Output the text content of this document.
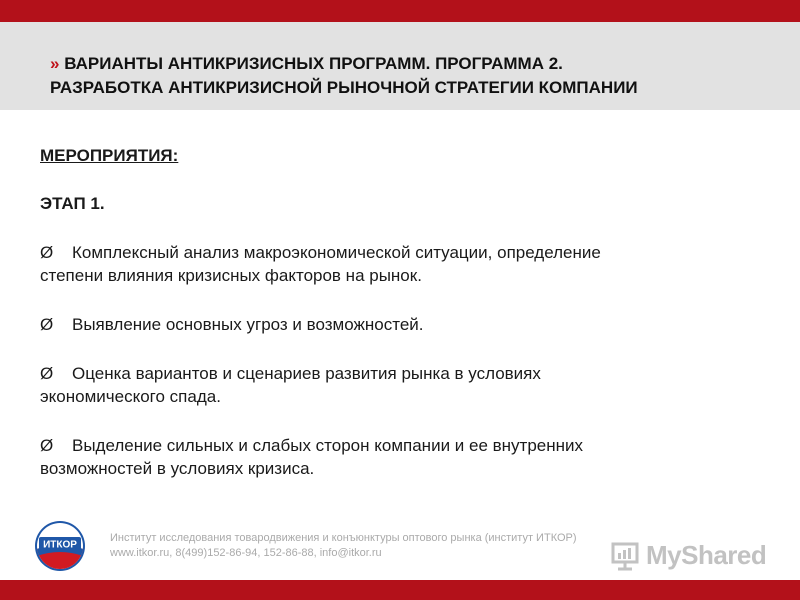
» ВАРИАНТЫ АНТИКРИЗИСНЫХ ПРОГРАММ. ПРОГРАММА 2.
РАЗРАБОТКА АНТИКРИЗИСНОЙ РЫНОЧНОЙ СТРАТЕГИИ КОМПАНИИ
МЕРОПРИЯТИЯ:
ЭТАП 1.
Ø Комплексный анализ макроэкономической ситуации, определение
степени влияния кризисных факторов на рынок.
Ø Выявление основных угроз и возможностей.
Ø Оценка вариантов и сценариев развития рынка в условиях
экономического спада.
Ø Выделение сильных и слабых сторон компании и ее внутренних
возможностей в условиях кризиса.
ИТКОР
Институт исследования товародвижения и конъюнктуры оптового рынка (институт ИТКОР)
www.itkor.ru, 8(499)152-86-94, 152-86-88, info@itkor.ru	MyShared
